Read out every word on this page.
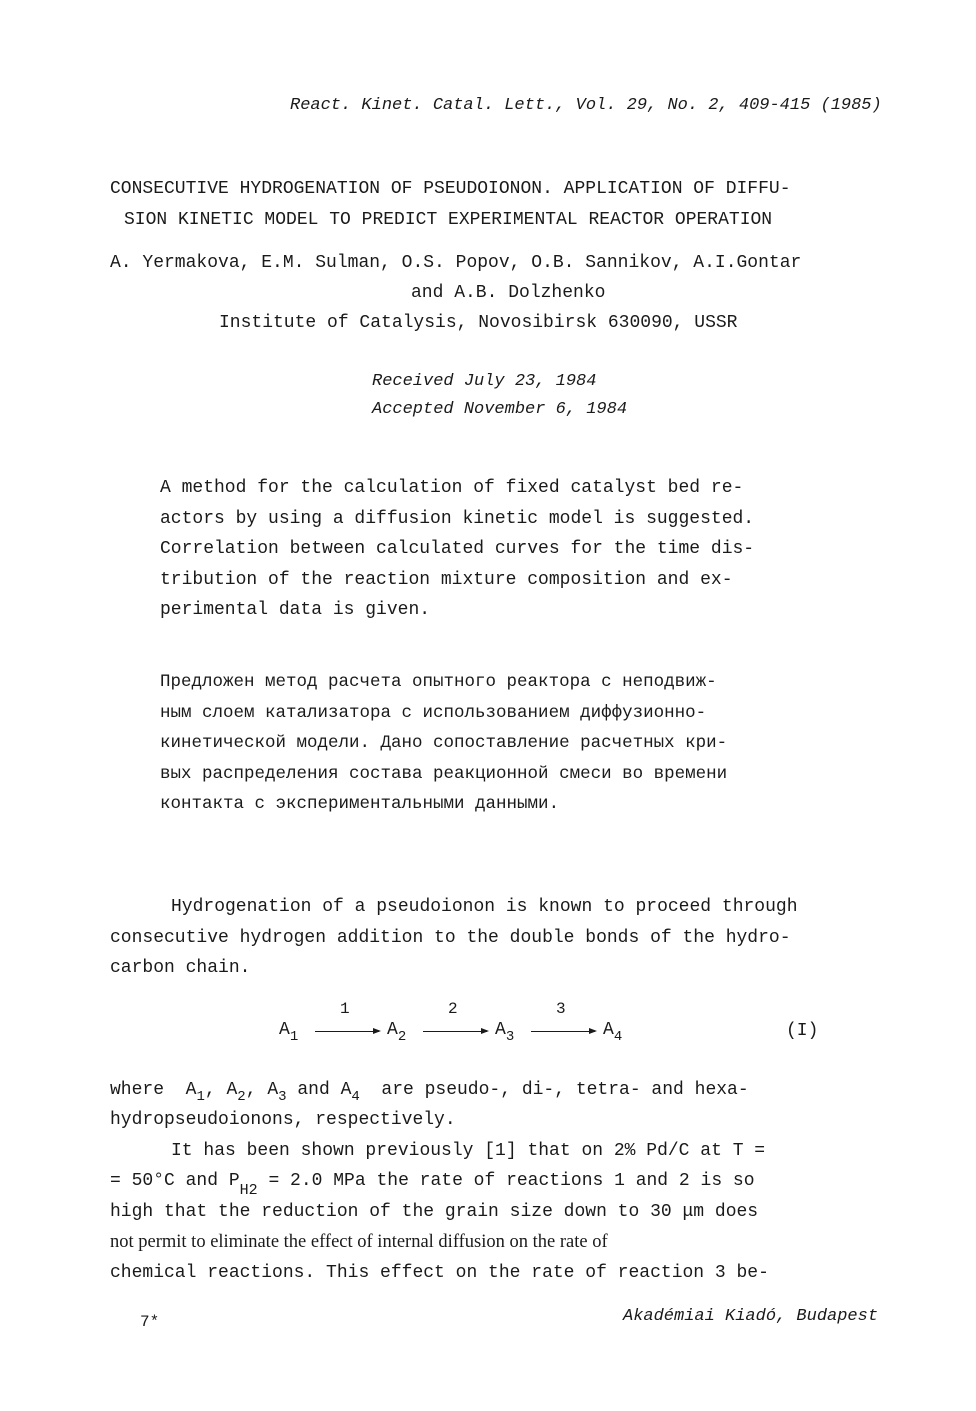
React. Kinet. Catal. Lett., Vol. 29, No. 2, 409-415 (1985)
CONSECUTIVE HYDROGENATION OF PSEUDOIONON. APPLICATION OF DIFFU-
SION KINETIC MODEL TO PREDICT EXPERIMENTAL REACTOR OPERATION
A. Yermakova, E.M. Sulman, O.S. Popov, O.B. Sannikov, A.I.Gontar
and A.B. Dolzhenko
Institute of Catalysis, Novosibirsk 630090, USSR
Received July 23, 1984
Accepted November 6, 1984
A method for the calculation of fixed catalyst bed re-
actors by using a diffusion kinetic model is suggested.
Correlation between calculated curves for the time dis-
tribution of the reaction mixture composition and ex-
perimental data is given.
Предложен метод расчета опытного реактора с неподвиж-
ным слоем катализатора с использованием диффузионно-
кинетической модели. Дано сопоставление расчетных кри-
вых распределения состава реакционной смеси во времени
контакта с экспериментальными данными.
Hydrogenation of a pseudoionon is known to proceed through
consecutive hydrogen addition to the double bonds of the hydro-
carbon chain.
$A_1$
1
$A_2$
2
$A_3$
3
$A_4$	(I)
where $A_1$, $A_2$, $A_3$ and $A_4$ are pseudo-, di-, tetra- and hexa-
hydropseudoionons, respectively.
It has been shown previously [1] that on 2% Pd/C at T =
= 50°C and $P_{H2} = 2.0$ MPa the rate of reactions 1 and 2 is so
high that the reduction of the grain size down to 30 μm does
not permit to eliminate the effect of internal diffusion on the rate of
chemical reactions. This effect on the rate of reaction 3 be-
7*	Akadémiai Kiadó, Budapest
